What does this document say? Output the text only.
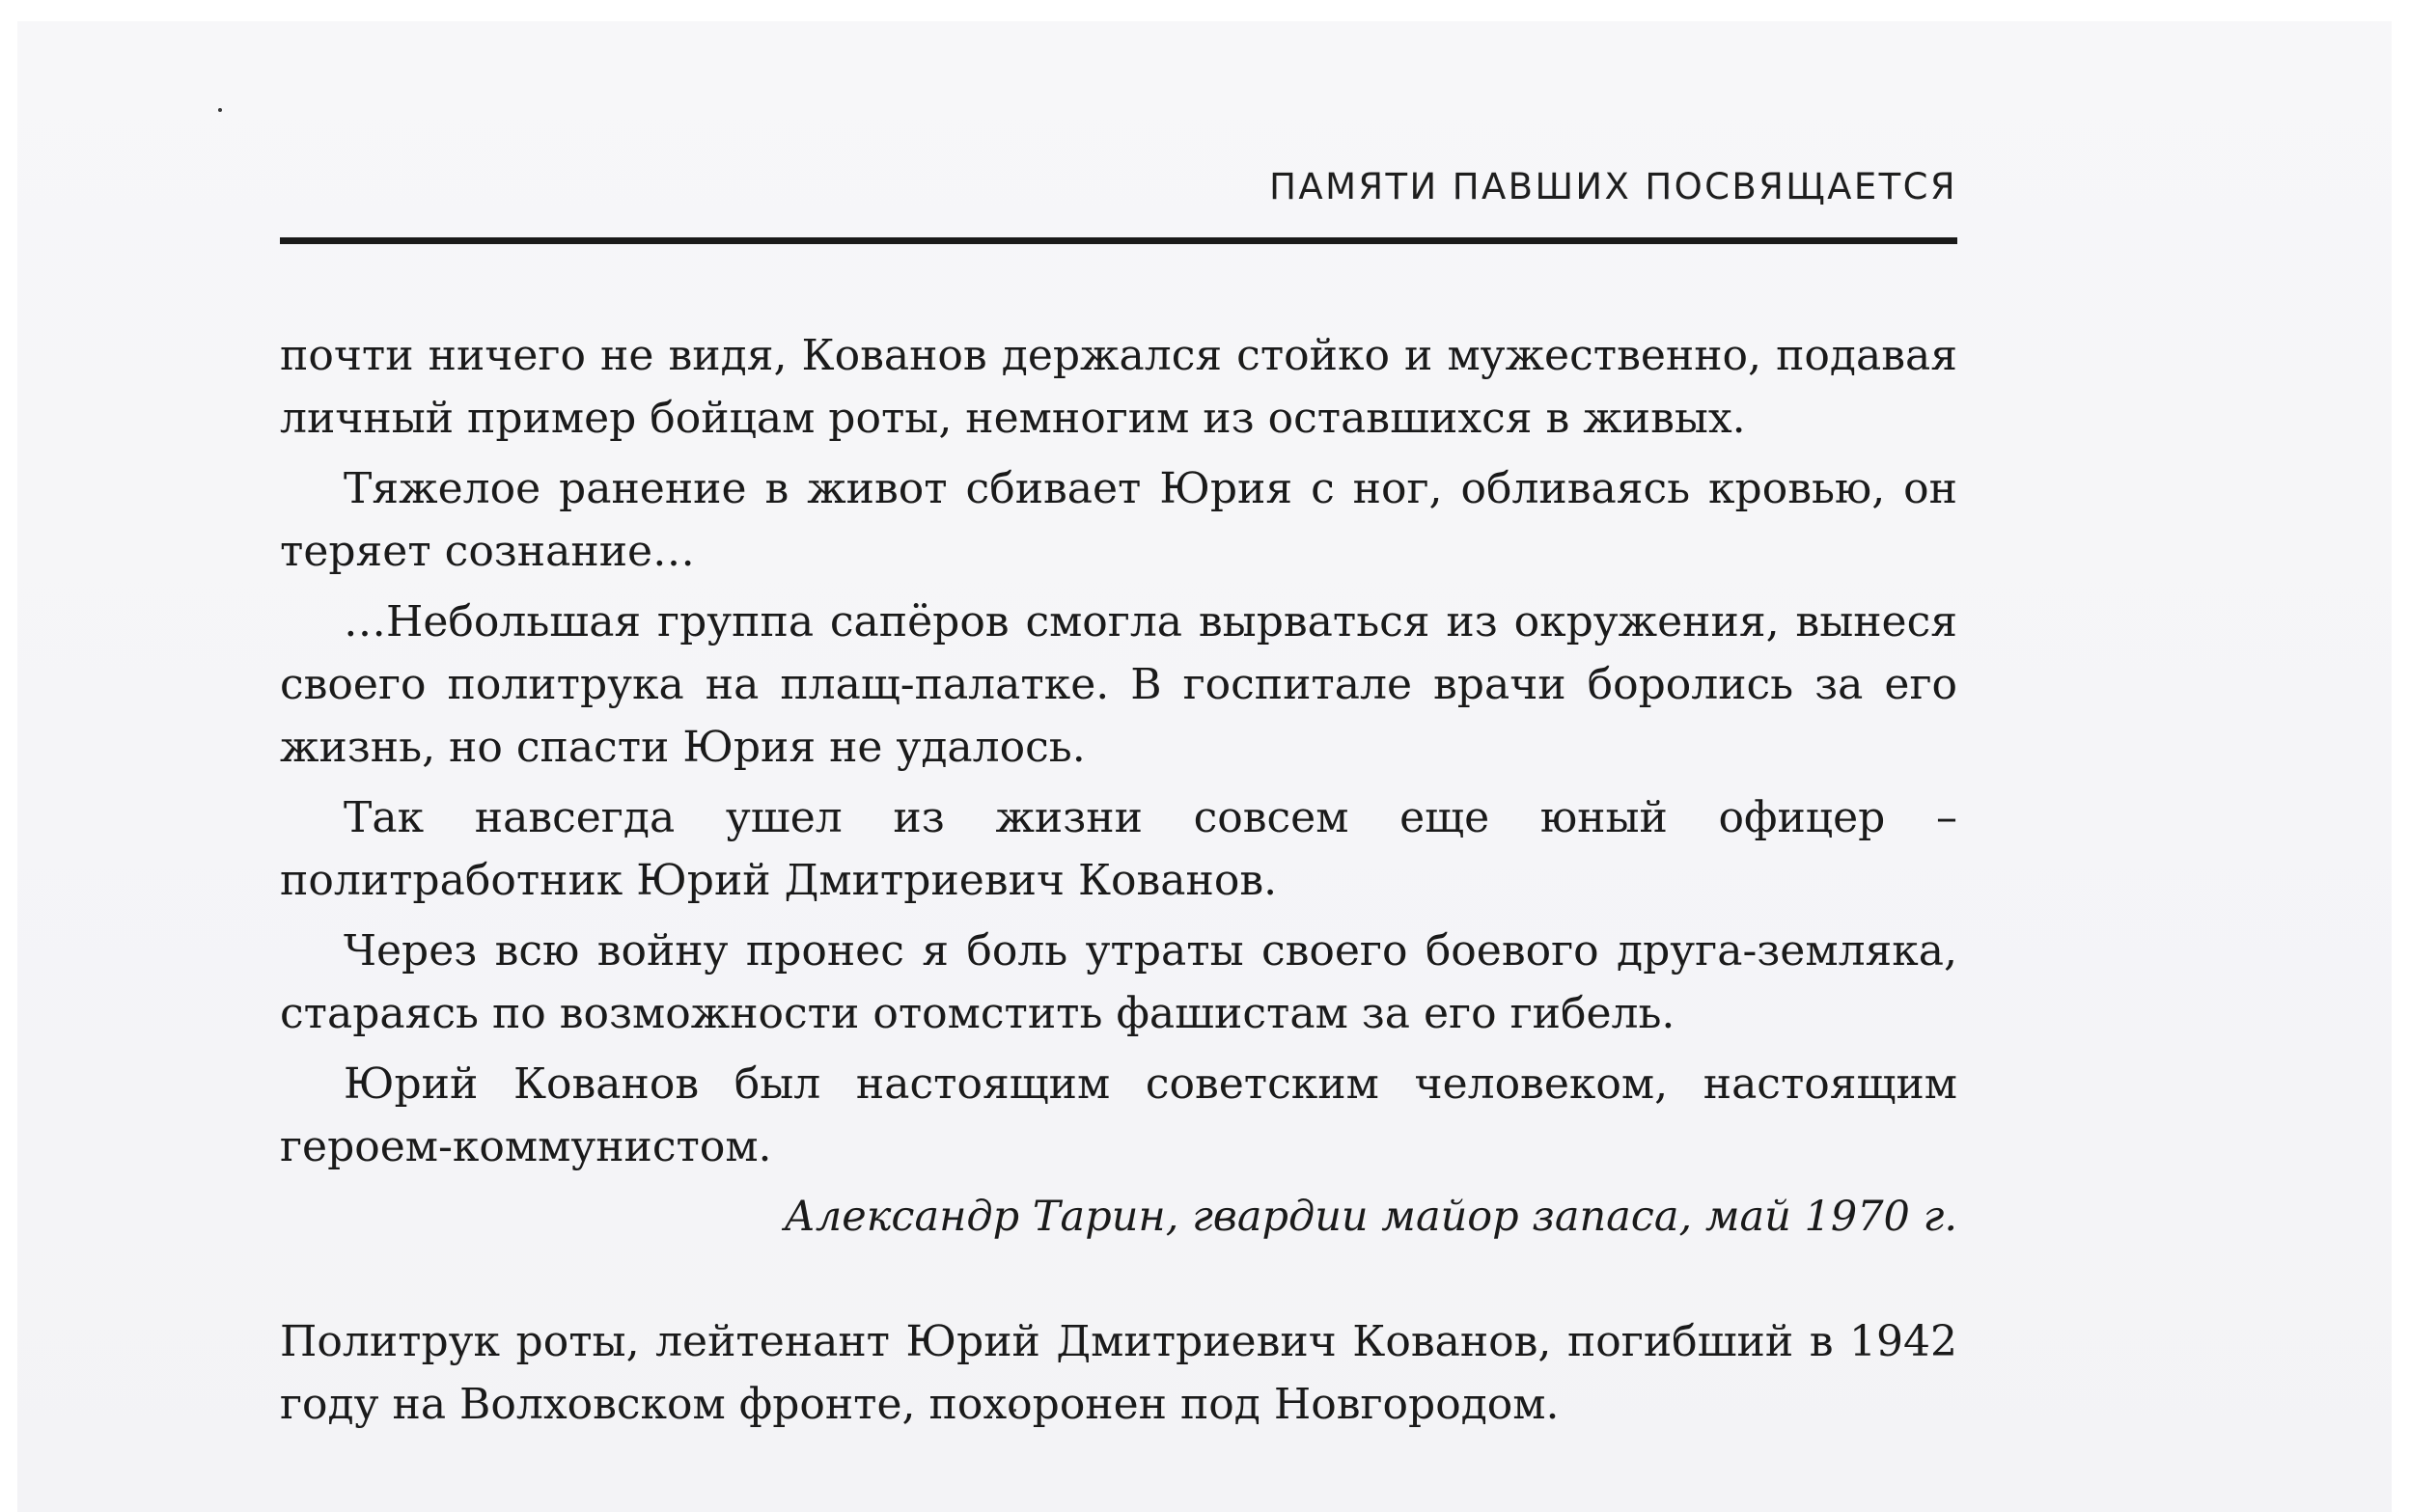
ПАМЯТИ ПАВШИХ ПОСВЯЩАЕТСЯ

почти ничего не видя, Кованов держался стойко и мужественно, подавая личный пример бойцам роты, немногим из оставшихся в живых.

Тяжелое ранение в живот сбивает Юрия с ног, обливаясь кровью, он теряет сознание…

…Небольшая группа сапёров смогла вырваться из окружения, вынеся своего политрука на плащ-палатке. В госпитале врачи боролись за его жизнь, но спасти Юрия не удалось.

Так навсегда ушел из жизни совсем еще юный офицер – политработник Юрий Дмитриевич Кованов.

Через всю войну пронес я боль утраты своего боевого друга-земляка, стараясь по возможности отомстить фашистам за его гибель.

Юрий Кованов был настоящим советским человеком, настоящим героем-коммунистом.

Александр Тарин, гвардии майор запаса, май 1970 г.

Политрук роты, лейтенант Юрий Дмитриевич Кованов, погибший в 1942 году на Волховском фронте, похоронен под Новгородом.
